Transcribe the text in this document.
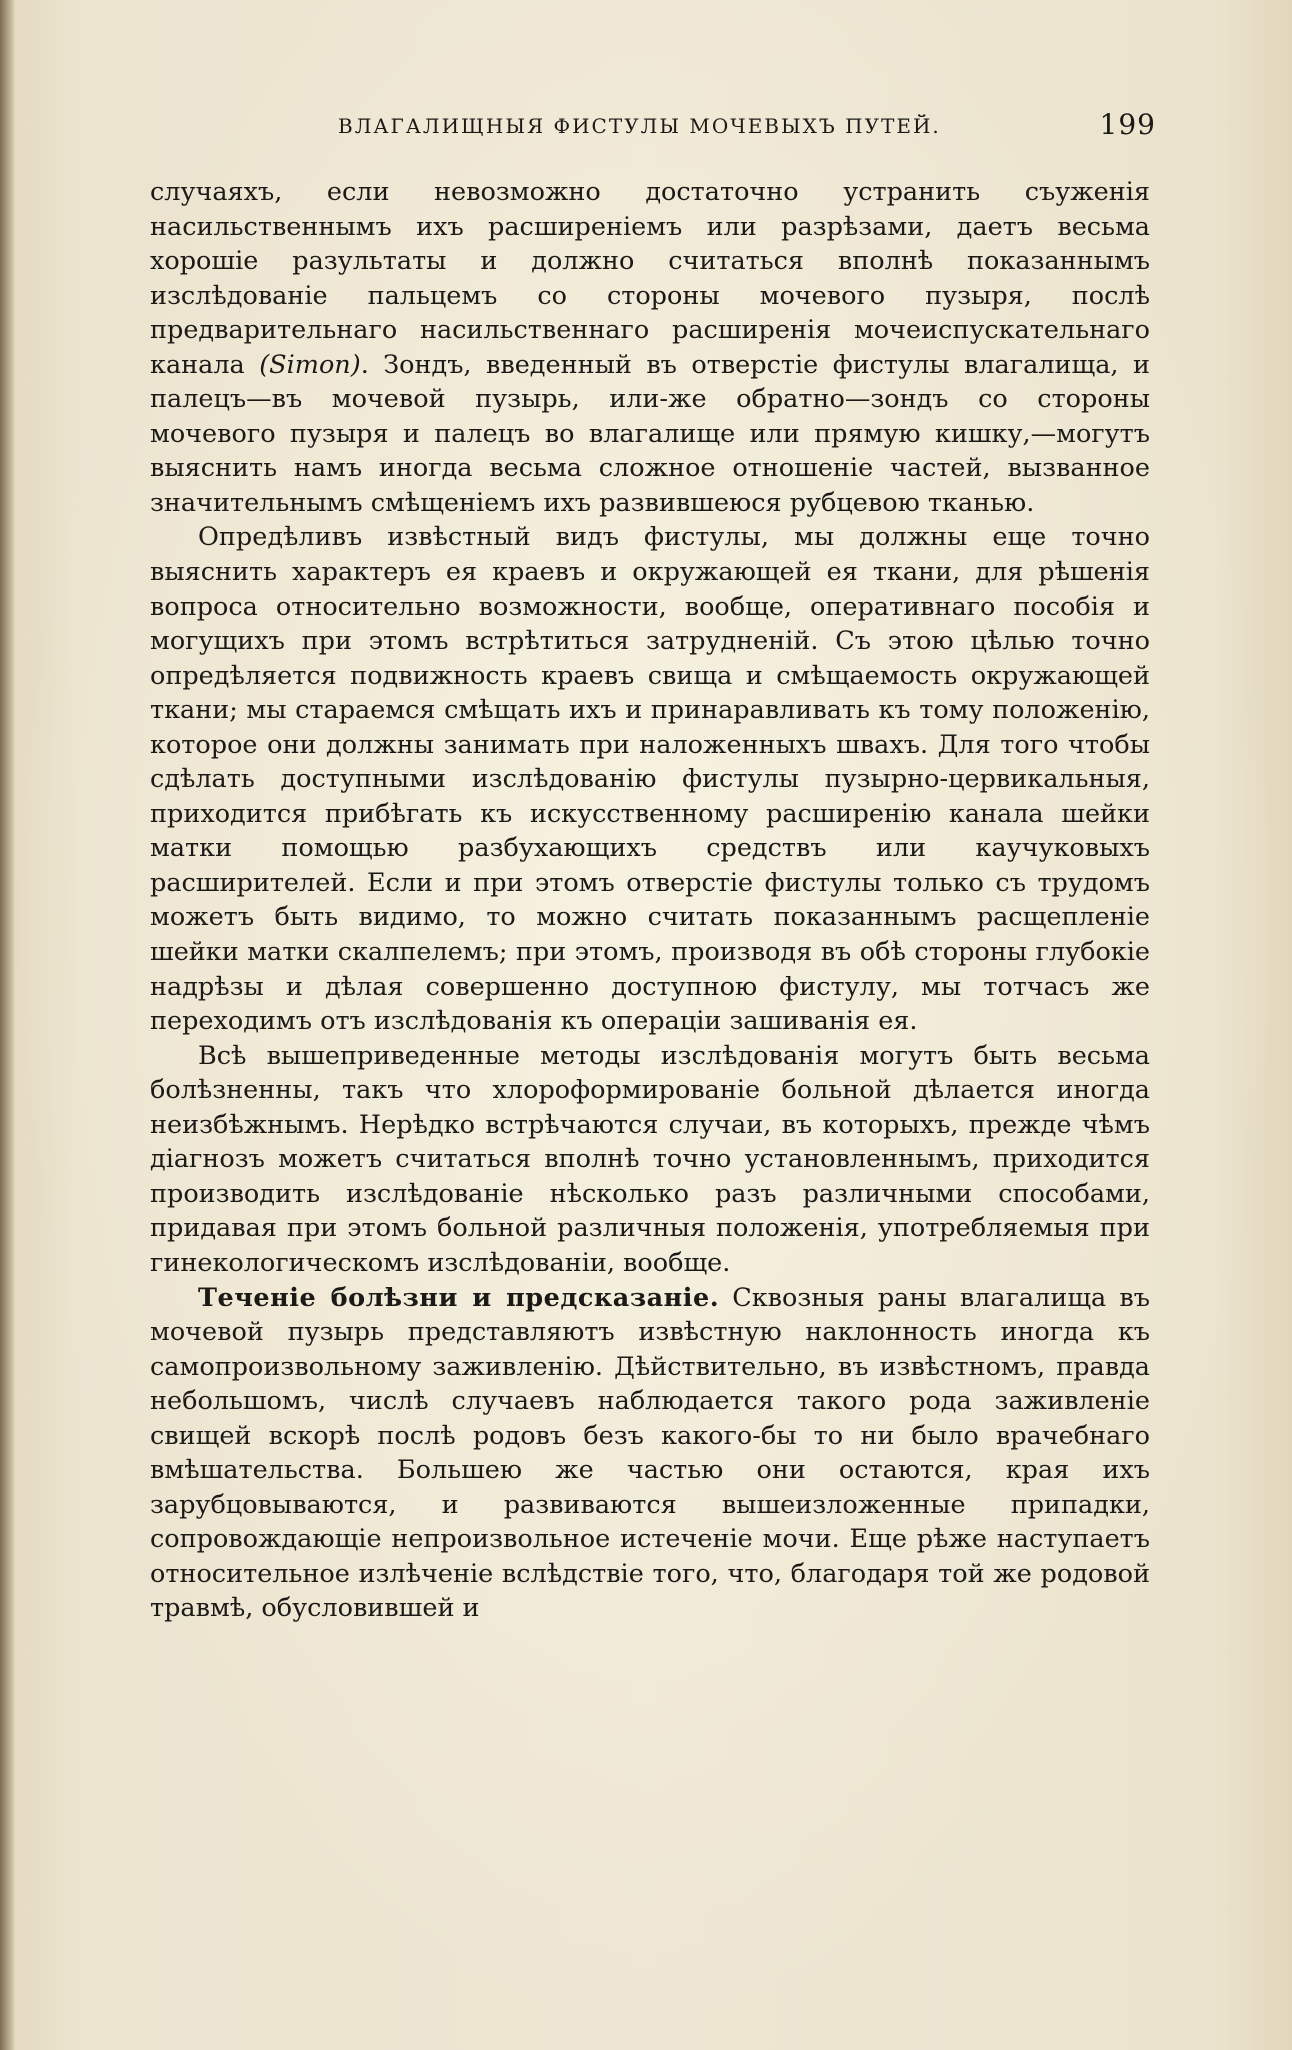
ВЛАГАЛИЩНЫЯ ФИСТУЛЫ МОЧЕВЫХЪ ПУТЕЙ.	199

случаяхъ, если невозможно достаточно устранить съуженія насильственнымъ ихъ расширеніемъ или разрѣзами, даетъ весьма хорошіе разультаты и должно считаться вполнѣ показаннымъ изслѣдованіе пальцемъ со стороны мочевого пузыря, послѣ предварительнаго насильственнаго расширенія мочеиспускательнаго канала (Simon). Зондъ, введенный въ отверстіе фистулы влагалища, и палецъ—въ мочевой пузырь, или-же обратно—зондъ со стороны мочевого пузыря и палецъ во влагалище или прямую кишку,—могутъ выяснить намъ иногда весьма сложное отношеніе частей, вызванное значительнымъ смѣщеніемъ ихъ развившеюся рубцевою тканью.

Опредѣливъ извѣстный видъ фистулы, мы должны еще точно выяснить характеръ ея краевъ и окружающей ея ткани, для рѣшенія вопроса относительно возможности, вообще, оперативнаго пособія и могущихъ при этомъ встрѣтиться затрудненій. Съ этою цѣлью точно опредѣляется подвижность краевъ свища и смѣщаемость окружающей ткани; мы стараемся смѣщать ихъ и принаравливать къ тому положенію, которое они должны занимать при наложенныхъ швахъ. Для того чтобы сдѣлать доступными изслѣдованію фистулы пузырно-цервикальныя, приходится прибѣгать къ искусственному расширенію канала шейки матки помощью разбухающихъ средствъ или каучуковыхъ расширителей. Если и при этомъ отверстіе фистулы только съ трудомъ можетъ быть видимо, то можно считать показаннымъ расщепленіе шейки матки скалпелемъ; при этомъ, производя въ обѣ стороны глубокіе надрѣзы и дѣлая совершенно доступною фистулу, мы тотчасъ же переходимъ отъ изслѣдованія къ операціи зашиванія ея.

Всѣ вышеприведенные методы изслѣдованія могутъ быть весьма болѣзненны, такъ что хлороформированіе больной дѣлается иногда неизбѣжнымъ. Нерѣдко встрѣчаются случаи, въ которыхъ, прежде чѣмъ діагнозъ можетъ считаться вполнѣ точно установленнымъ, приходится производить изслѣдованіе нѣсколько разъ различными способами, придавая при этомъ больной различныя положенія, употребляемыя при гинекологическомъ изслѣдованіи, вообще.

Теченіе болѣзни и предсказаніе. Сквозныя раны влагалища въ мочевой пузырь представляютъ извѣстную наклонность иногда къ самопроизвольному заживленію. Дѣйствительно, въ извѣстномъ, правда небольшомъ, числѣ случаевъ наблюдается такого рода заживленіе свищей вскорѣ послѣ родовъ безъ какого-бы то ни было врачебнаго вмѣшательства. Большею же частью они остаются, края ихъ зарубцовываются, и развиваются вышеизложенные припадки, сопровождающіе непроизвольное истеченіе мочи. Еще рѣже наступаетъ относительное излѣченіе вслѣдствіе того, что, благодаря той же родовой травмѣ, обусловившей и
